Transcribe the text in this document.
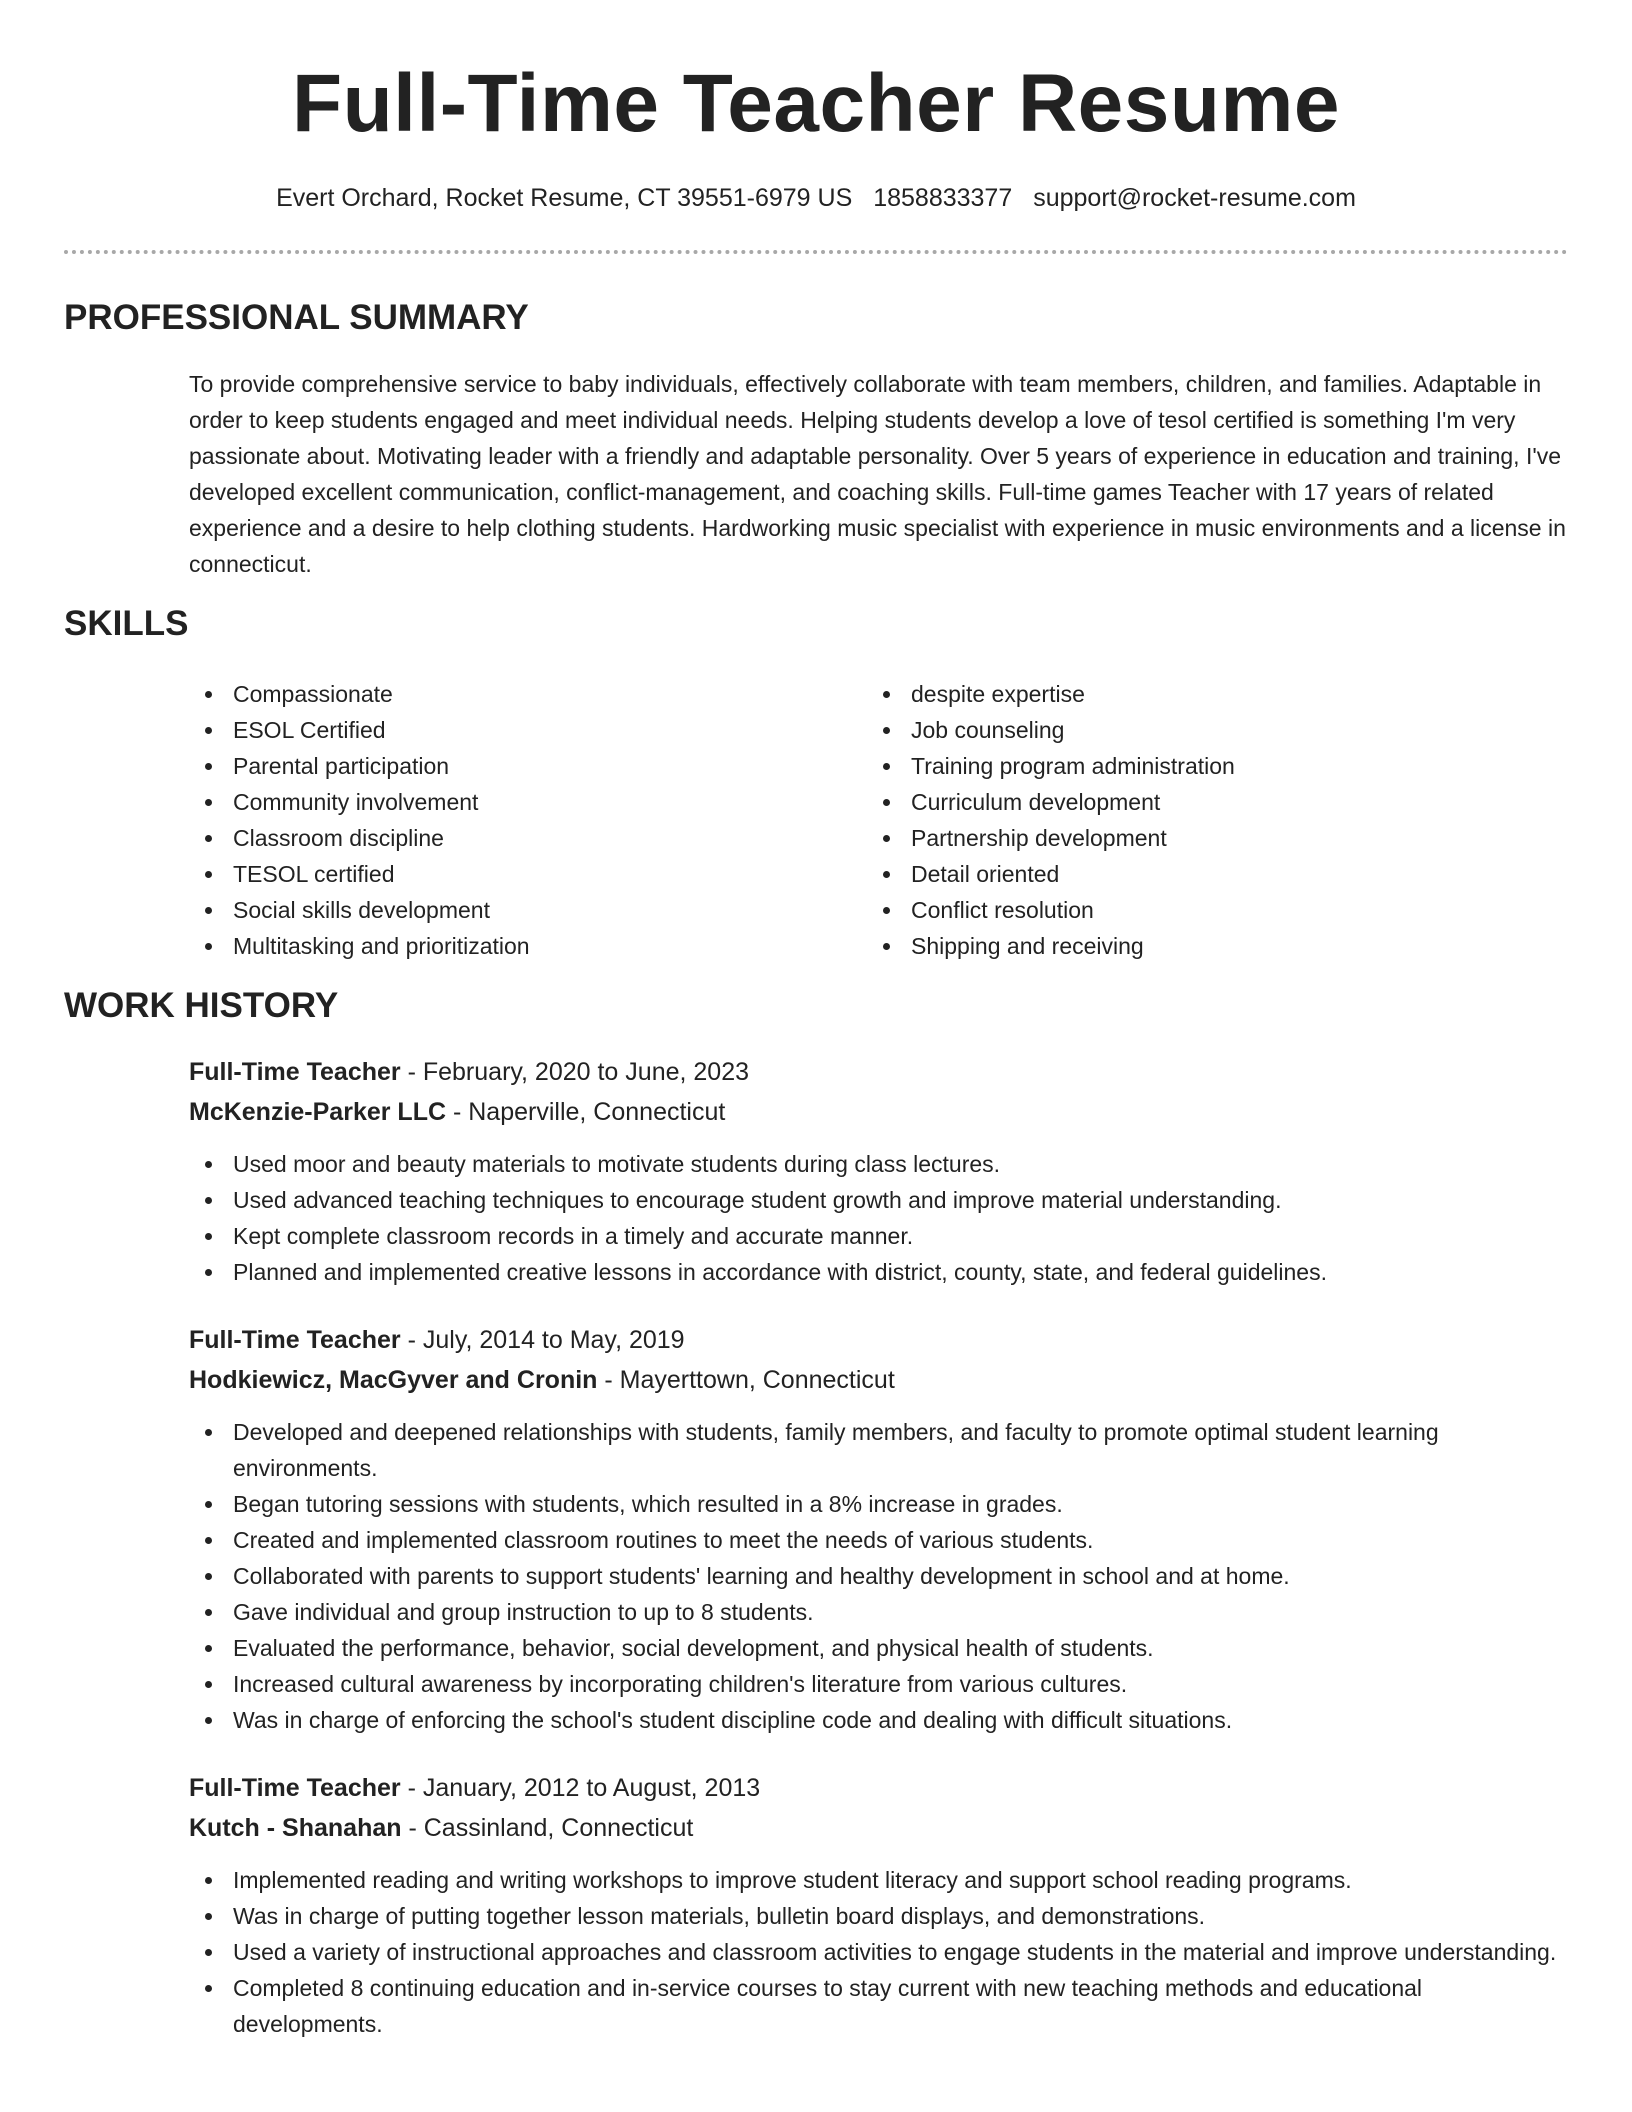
Full-Time Teacher Resume
Evert Orchard, Rocket Resume, CT 39551-6979 US 1858833377 support@rocket-resume.com
PROFESSIONAL SUMMARY

To provide comprehensive service to baby individuals, effectively collaborate with team members, children, and families. Adaptable in order to keep students engaged and meet individual needs. Helping students develop a love of tesol certified is something I'm very passionate about. Motivating leader with a friendly and adaptable personality. Over 5 years of experience in education and training, I've developed excellent communication, conflict-management, and coaching skills. Full-time games Teacher with 17 years of related experience and a desire to help clothing students. Hardworking music specialist with experience in music environments and a license in connecticut.

SKILLS
Compassionate
ESOL Certified
Parental participation
Community involvement
Classroom discipline
TESOL certified
Social skills development
Multitasking and prioritization
despite expertise
Job counseling
Training program administration
Curriculum development
Partnership development
Detail oriented
Conflict resolution
Shipping and receiving
WORK HISTORY
Full-Time Teacher - February, 2020 to June, 2023
McKenzie-Parker LLC - Naperville, Connecticut
Used moor and beauty materials to motivate students during class lectures.
Used advanced teaching techniques to encourage student growth and improve material understanding.
Kept complete classroom records in a timely and accurate manner.
Planned and implemented creative lessons in accordance with district, county, state, and federal guidelines.
Full-Time Teacher - July, 2014 to May, 2019
Hodkiewicz, MacGyver and Cronin - Mayerttown, Connecticut
Developed and deepened relationships with students, family members, and faculty to promote optimal student learning environments.
Began tutoring sessions with students, which resulted in a 8% increase in grades.
Created and implemented classroom routines to meet the needs of various students.
Collaborated with parents to support students' learning and healthy development in school and at home.
Gave individual and group instruction to up to 8 students.
Evaluated the performance, behavior, social development, and physical health of students.
Increased cultural awareness by incorporating children's literature from various cultures.
Was in charge of enforcing the school's student discipline code and dealing with difficult situations.
Full-Time Teacher - January, 2012 to August, 2013
Kutch - Shanahan - Cassinland, Connecticut
Implemented reading and writing workshops to improve student literacy and support school reading programs.
Was in charge of putting together lesson materials, bulletin board displays, and demonstrations.
Used a variety of instructional approaches and classroom activities to engage students in the material and improve understanding.
Completed 8 continuing education and in-service courses to stay current with new teaching methods and educational developments.
